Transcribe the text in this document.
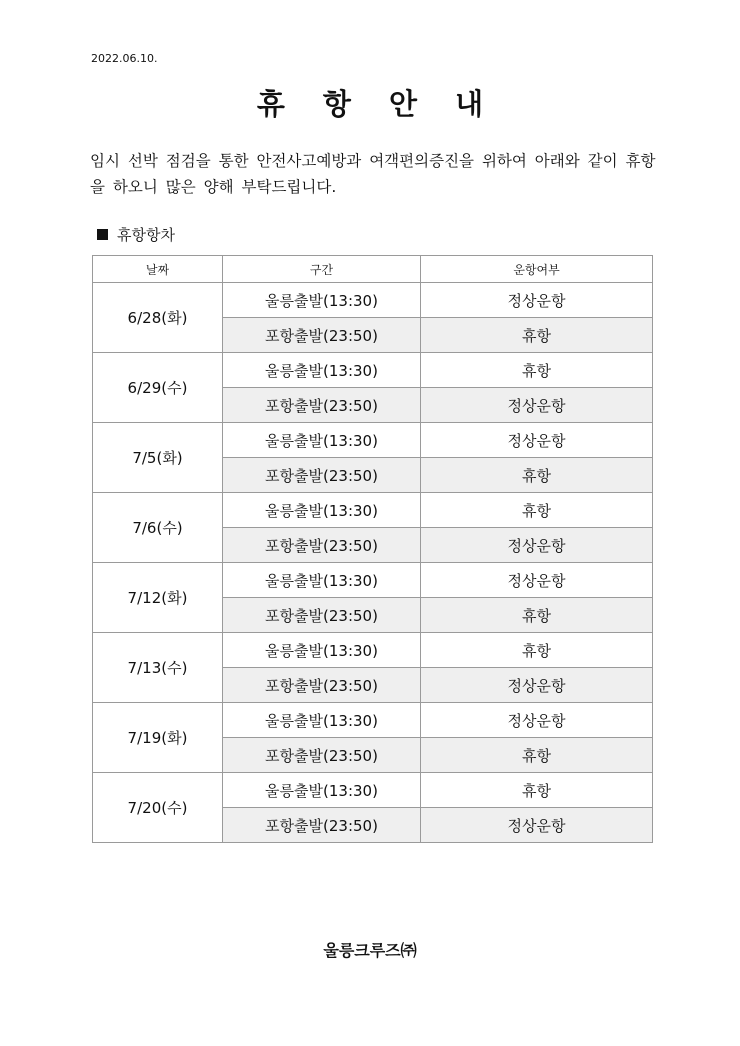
2022.06.10.
휴 항 안 내
임시 선박 점검을 통한 안전사고예방과 여객편의증진을 위하여 아래와 같이 휴항을 하오니 많은 양해 부탁드립니다.
휴항항차
날짜	구간	운항여부
6/28(화)	울릉출발(13:30)	정상운항
	포항출발(23:50)	휴항
6/29(수)	울릉출발(13:30)	휴항
	포항출발(23:50)	정상운항
7/5(화)	울릉출발(13:30)	정상운항
	포항출발(23:50)	휴항
7/6(수)	울릉출발(13:30)	휴항
	포항출발(23:50)	정상운항
7/12(화)	울릉출발(13:30)	정상운항
	포항출발(23:50)	휴항
7/13(수)	울릉출발(13:30)	휴항
	포항출발(23:50)	정상운항
7/19(화)	울릉출발(13:30)	정상운항
	포항출발(23:50)	휴항
7/20(수)	울릉출발(13:30)	휴항
	포항출발(23:50)	정상운항
울릉크루즈㈜
